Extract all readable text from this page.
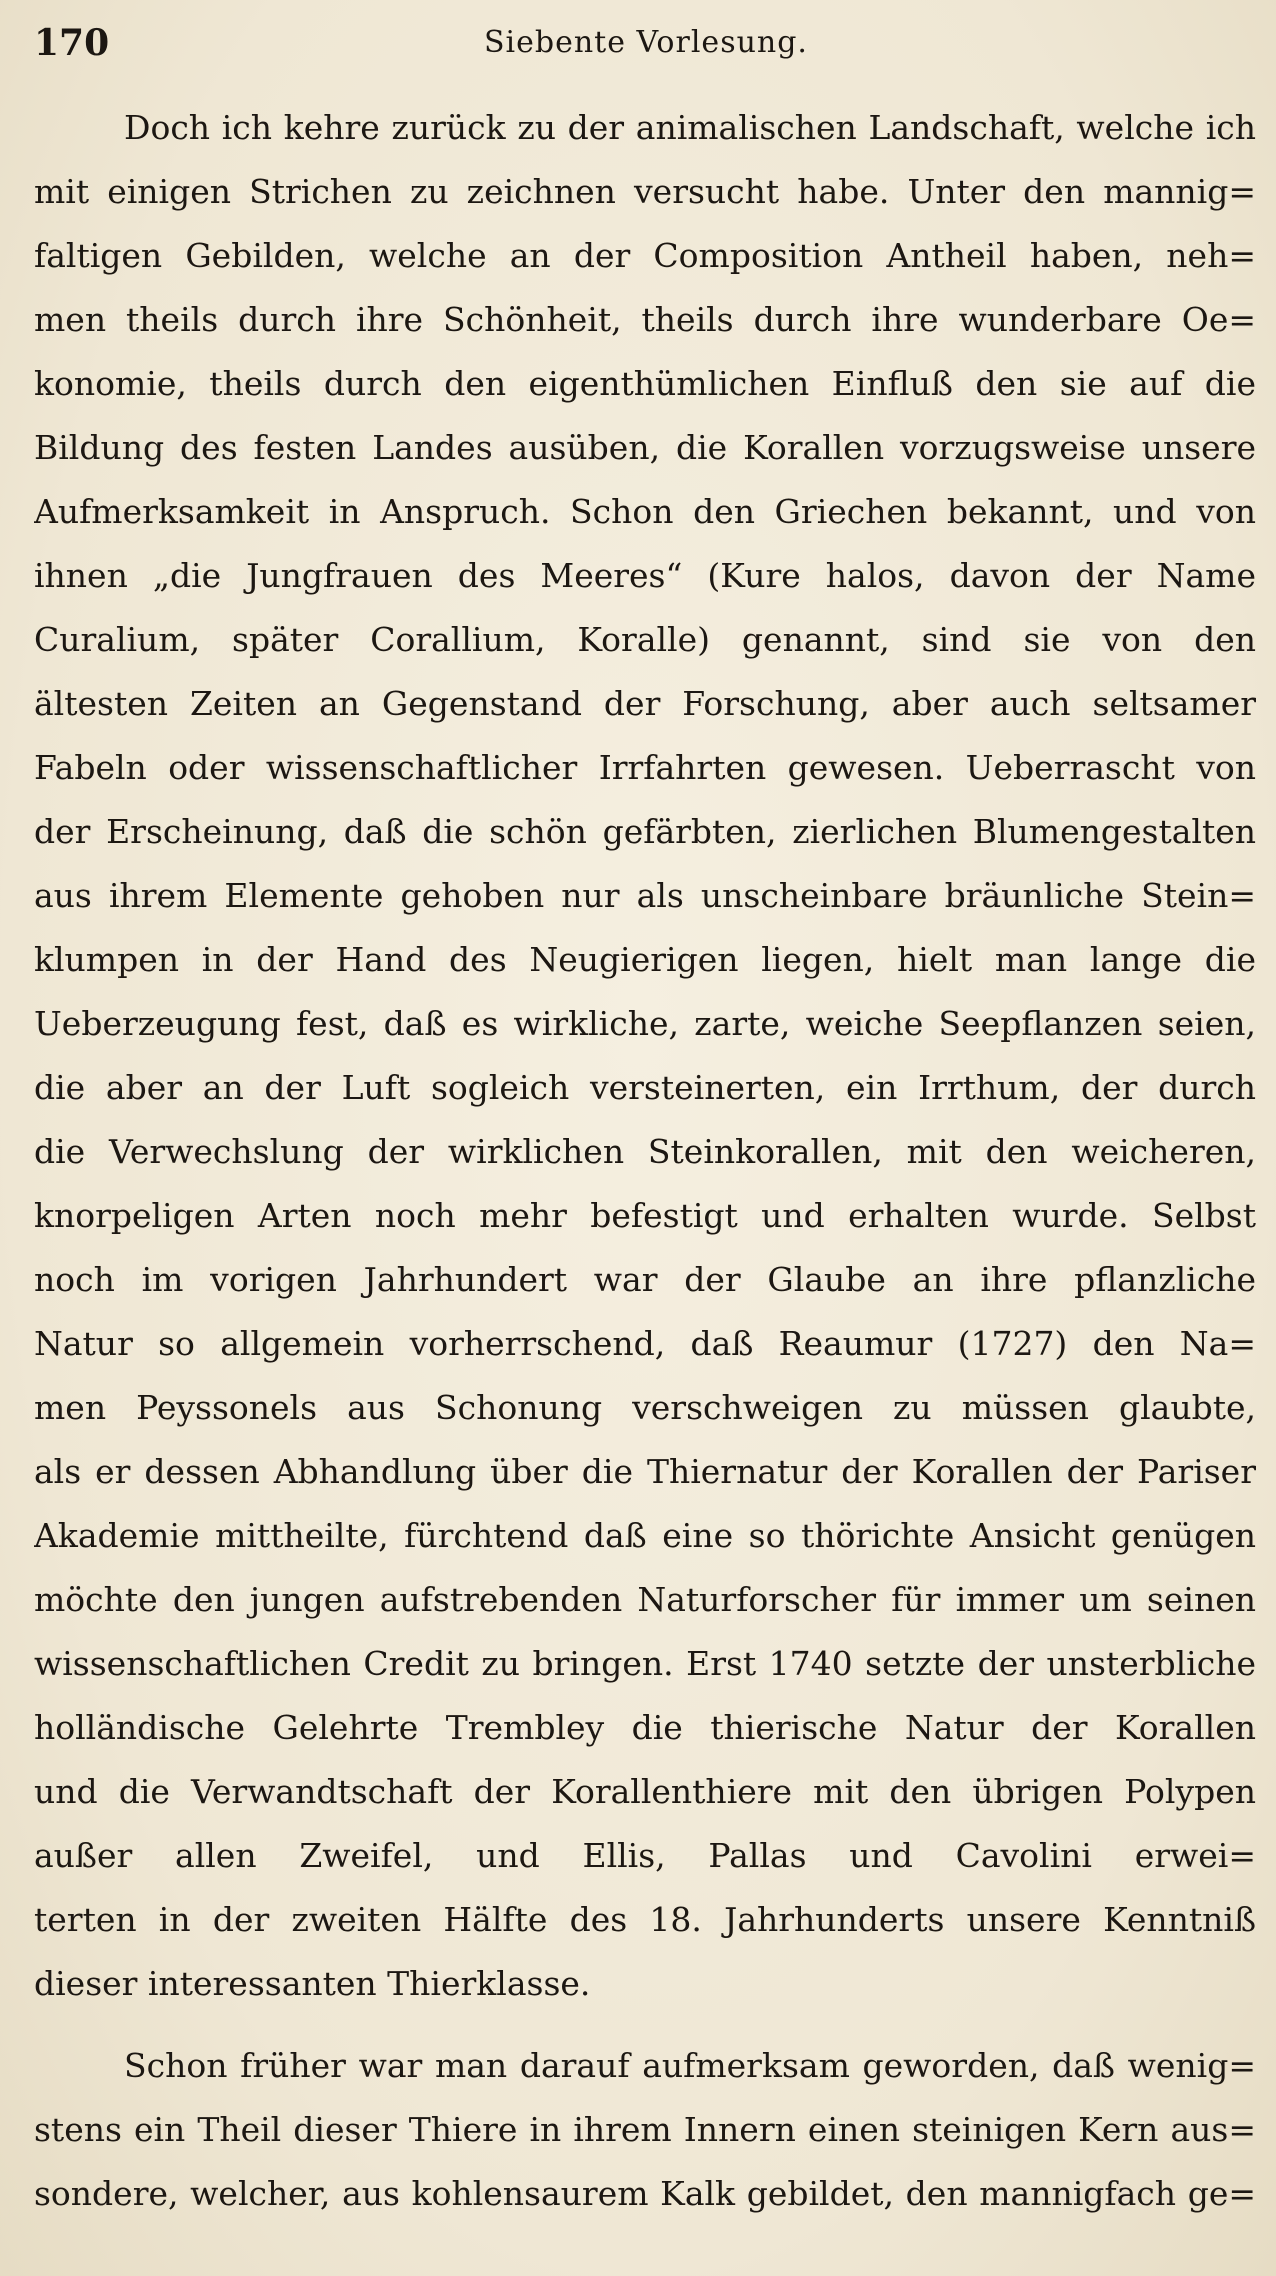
170	Siebente Vorlesung.
Doch ich kehre zurück zu der animalischen Landschaft, welche ich
mit einigen Strichen zu zeichnen versucht habe. Unter den mannig=
faltigen Gebilden, welche an der Composition Antheil haben, neh=
men theils durch ihre Schönheit, theils durch ihre wunderbare Oe=
konomie, theils durch den eigenthümlichen Einfluß den sie auf die
Bildung des festen Landes ausüben, die Korallen vorzugsweise unsere
Aufmerksamkeit in Anspruch. Schon den Griechen bekannt, und von
ihnen „die Jungfrauen des Meeres“ (Kure halos, davon der Name
Curalium, später Corallium, Koralle) genannt, sind sie von den
ältesten Zeiten an Gegenstand der Forschung, aber auch seltsamer
Fabeln oder wissenschaftlicher Irrfahrten gewesen. Ueberrascht von
der Erscheinung, daß die schön gefärbten, zierlichen Blumengestalten
aus ihrem Elemente gehoben nur als unscheinbare bräunliche Stein=
klumpen in der Hand des Neugierigen liegen, hielt man lange die
Ueberzeugung fest, daß es wirkliche, zarte, weiche Seepflanzen seien,
die aber an der Luft sogleich versteinerten, ein Irrthum, der durch
die Verwechslung der wirklichen Steinkorallen, mit den weicheren,
knorpeligen Arten noch mehr befestigt und erhalten wurde. Selbst
noch im vorigen Jahrhundert war der Glaube an ihre pflanzliche
Natur so allgemein vorherrschend, daß Reaumur (1727) den Na=
men Peyssonels aus Schonung verschweigen zu müssen glaubte,
als er dessen Abhandlung über die Thiernatur der Korallen der Pariser
Akademie mittheilte, fürchtend daß eine so thörichte Ansicht genügen
möchte den jungen aufstrebenden Naturforscher für immer um seinen
wissenschaftlichen Credit zu bringen. Erst 1740 setzte der unsterbliche
holländische Gelehrte Trembley die thierische Natur der Korallen
und die Verwandtschaft der Korallenthiere mit den übrigen Polypen
außer allen Zweifel, und Ellis, Pallas und Cavolini erwei=
terten in der zweiten Hälfte des 18. Jahrhunderts unsere Kenntniß
dieser interessanten Thierklasse.
Schon früher war man darauf aufmerksam geworden, daß wenig=
stens ein Theil dieser Thiere in ihrem Innern einen steinigen Kern aus=
sondere, welcher, aus kohlensaurem Kalk gebildet, den mannigfach ge=
